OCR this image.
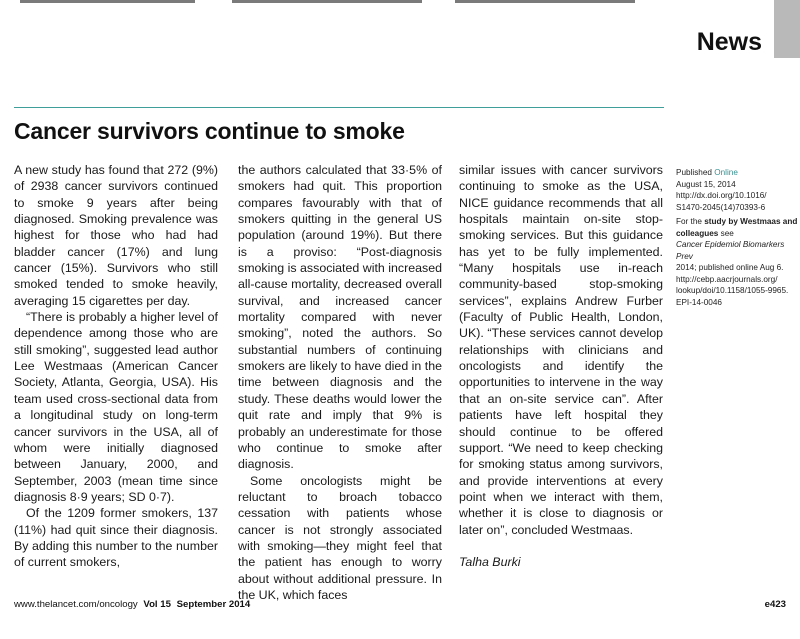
News
Cancer survivors continue to smoke

A new study has found that 272 (9%) of 2938 cancer survivors continued to smoke 9 years after being diagnosed. Smoking prevalence was highest for those who had had bladder cancer (17%) and lung cancer (15%). Survivors who still smoked tended to smoke heavily, averaging 15 cigarettes per day.

“There is probably a higher level of dependence among those who are still smoking”, suggested lead author Lee Westmaas (American Cancer Society, Atlanta, Georgia, USA). His team used cross-sectional data from a longitudinal study on long-term cancer survivors in the USA, all of whom were initially diagnosed between January, 2000, and September, 2003 (mean time since diagnosis 8·9 years; SD 0·7).

Of the 1209 former smokers, 137 (11%) had quit since their diagnosis. By adding this number to the number of current smokers,

the authors calculated that 33·5% of smokers had quit. This proportion compares favourably with that of smokers quitting in the general US population (around 19%). But there is a proviso: “Post-diagnosis smoking is associated with increased all-cause mortality, decreased overall survival, and increased cancer mortality compared with never smoking”, noted the authors. So substantial numbers of continuing smokers are likely to have died in the time between diagnosis and the study. These deaths would lower the quit rate and imply that 9% is probably an underestimate for those who continue to smoke after diagnosis.

Some oncologists might be reluctant to broach tobacco cessation with patients whose cancer is not strongly associated with smoking—they might feel that the patient has enough to worry about without additional pressure. In the UK, which faces

similar issues with cancer survivors continuing to smoke as the USA, NICE guidance recommends that all hospitals maintain on-site stop-smoking services. But this guidance has yet to be fully implemented. “Many hospitals use in-reach community-based stop-smoking services”, explains Andrew Furber (Faculty of Public Health, London, UK). “These services cannot develop relationships with clinicians and oncologists and identify the opportunities to intervene in the way that an on-site service can”. After patients have left hospital they should continue to be offered support. “We need to keep checking for smoking status among survivors, and provide interventions at every point when we interact with them, whether it is close to diagnosis or later on”, concluded Westmaas.

Talha Burki

Published Online
August 15, 2014
http://dx.doi.org/10.1016/
S1470-2045(14)70393-6
For the study by Westmaas and colleagues see
Cancer Epidemiol Biomarkers Prev
2014; published online Aug 6.
http://cebp.aacrjournals.org/
lookup/doi/10.1158/1055-9965.
EPI-14-0046
www.thelancet.com/oncology Vol 15 September 2014	e423
